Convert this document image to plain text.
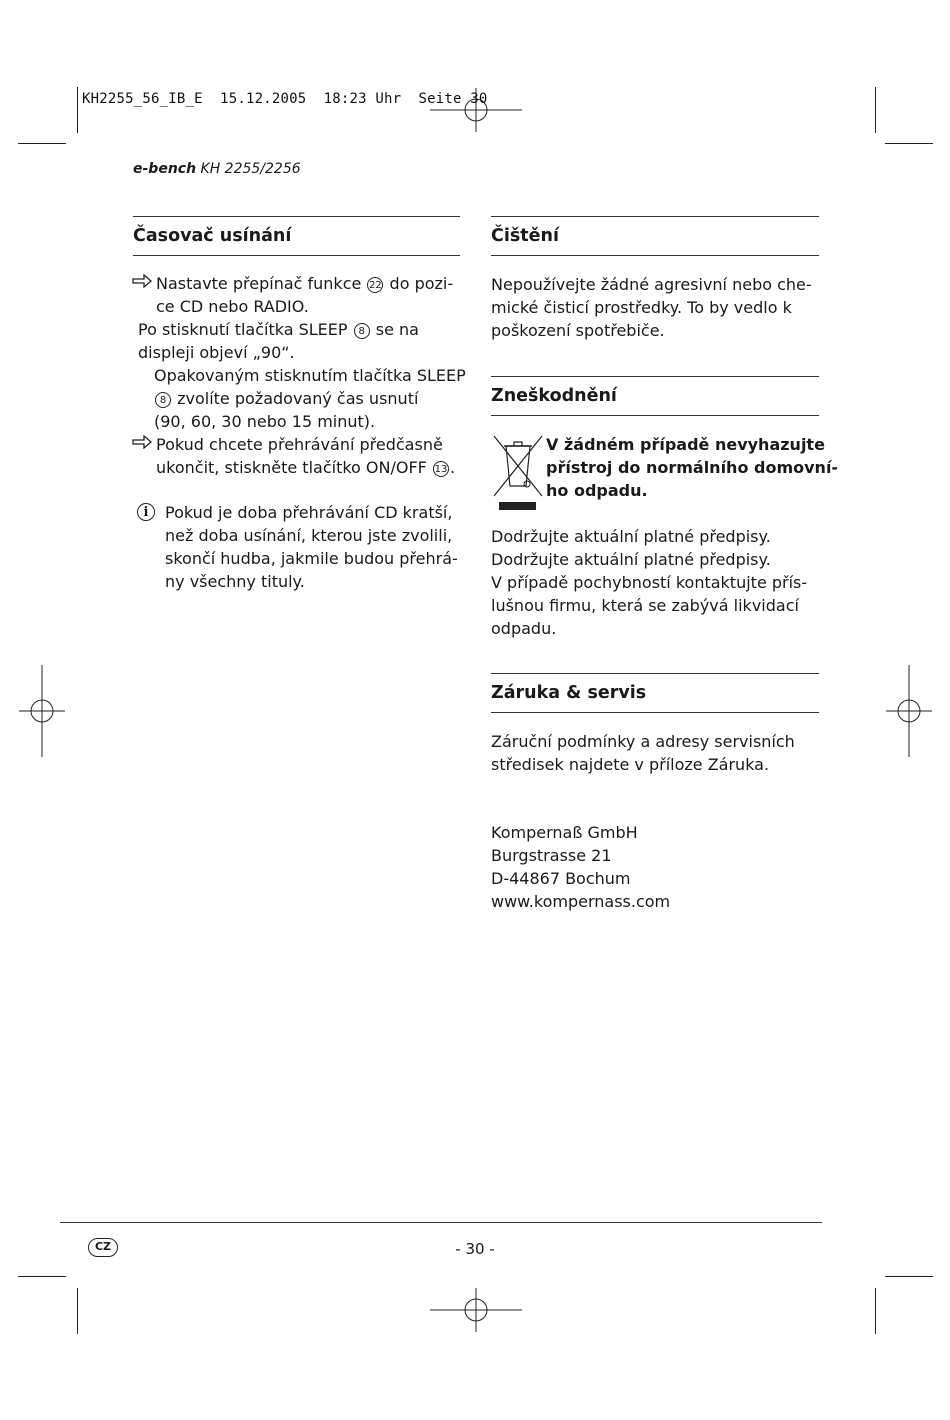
KH2255_56_IB_E  15.12.2005  18:23 Uhr  Seite 30
e-bench KH 2255/2256
Časovač usínání
Nastavte přepínač funkce 22 do pozi-
ce CD nebo RADIO.
Po stisknutí tlačítka SLEEP 8 se na
displeji objeví „90“.
Opakovaným stisknutím tlačítka SLEEP
8 zvolíte požadovaný čas usnutí
(90, 60, 30 nebo 15 minut).
Pokud chcete přehrávání předčasně
ukončit, stiskněte tlačítko ON/OFF 13 .
i	Pokud je doba přehrávání CD kratší,
než doba usínání, kterou jste zvolili,
skončí hudba, jakmile budou přehrá-
ny všechny tituly.
Čištění
Nepoužívejte žádné agresivní nebo che-
mické čisticí prostředky. To by vedlo k
poškození spotřebiče.
Zneškodnění
V žádném případě nevyhazujte
přístroj do normálního domovní-
ho odpadu.
Dodržujte aktuální platné předpisy.
Dodržujte aktuální platné předpisy.
V případě pochybností kontaktujte přís-
lušnou firmu, která se zabývá likvidací
odpadu.
Záruka & servis
Záruční podmínky a adresy servisních
středisek najdete v příloze Záruka.
Kompernaß GmbH
Burgstrasse 21
D-44867 Bochum
www.kompernass.com
CZ	- 30 -
